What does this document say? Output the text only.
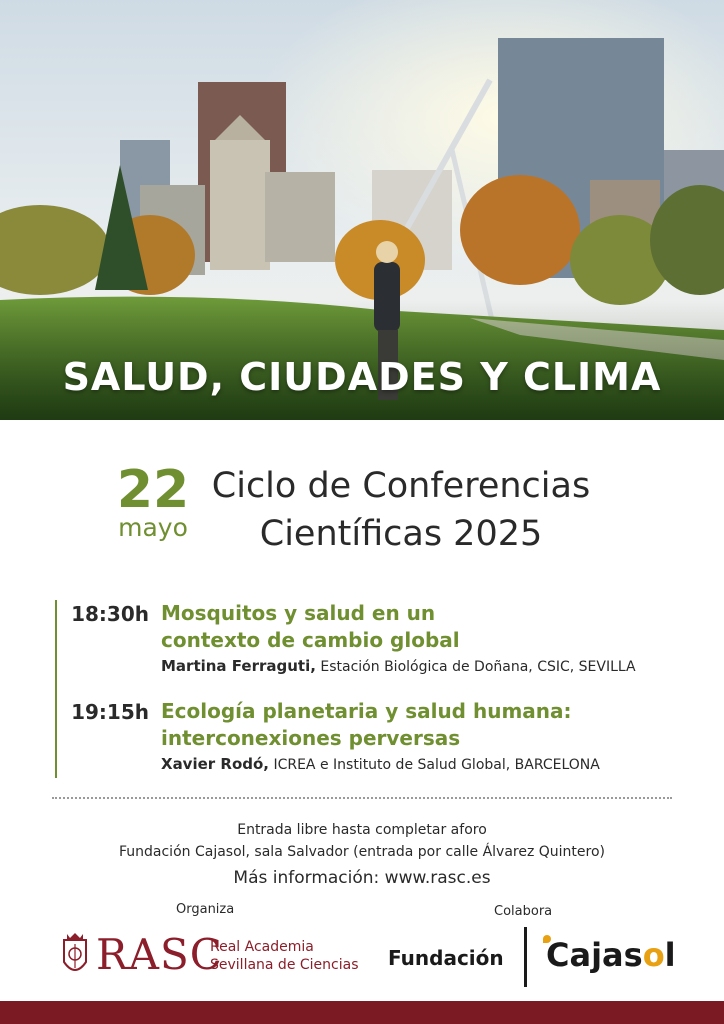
SALUD, CIUDADES Y CLIMA
22
mayo
Ciclo de Conferencias
Científicas 2025
18:30h Mosquitos y salud en un
contexto de cambio global
Martina Ferraguti, Estación Biológica de Doñana, CSIC, SEVILLA
19:15h Ecología planetaria y salud humana:
interconexiones perversas
Xavier Rodó, ICREA e Instituto de Salud Global, BARCELONA
Entrada libre hasta completar aforo
Fundación Cajasol, sala Salvador (entrada por calle Álvarez Quintero)
Más información: www.rasc.es
Organiza	Colabora
RASC
Real Academia
Sevillana de Ciencias Fundación Cajasol
